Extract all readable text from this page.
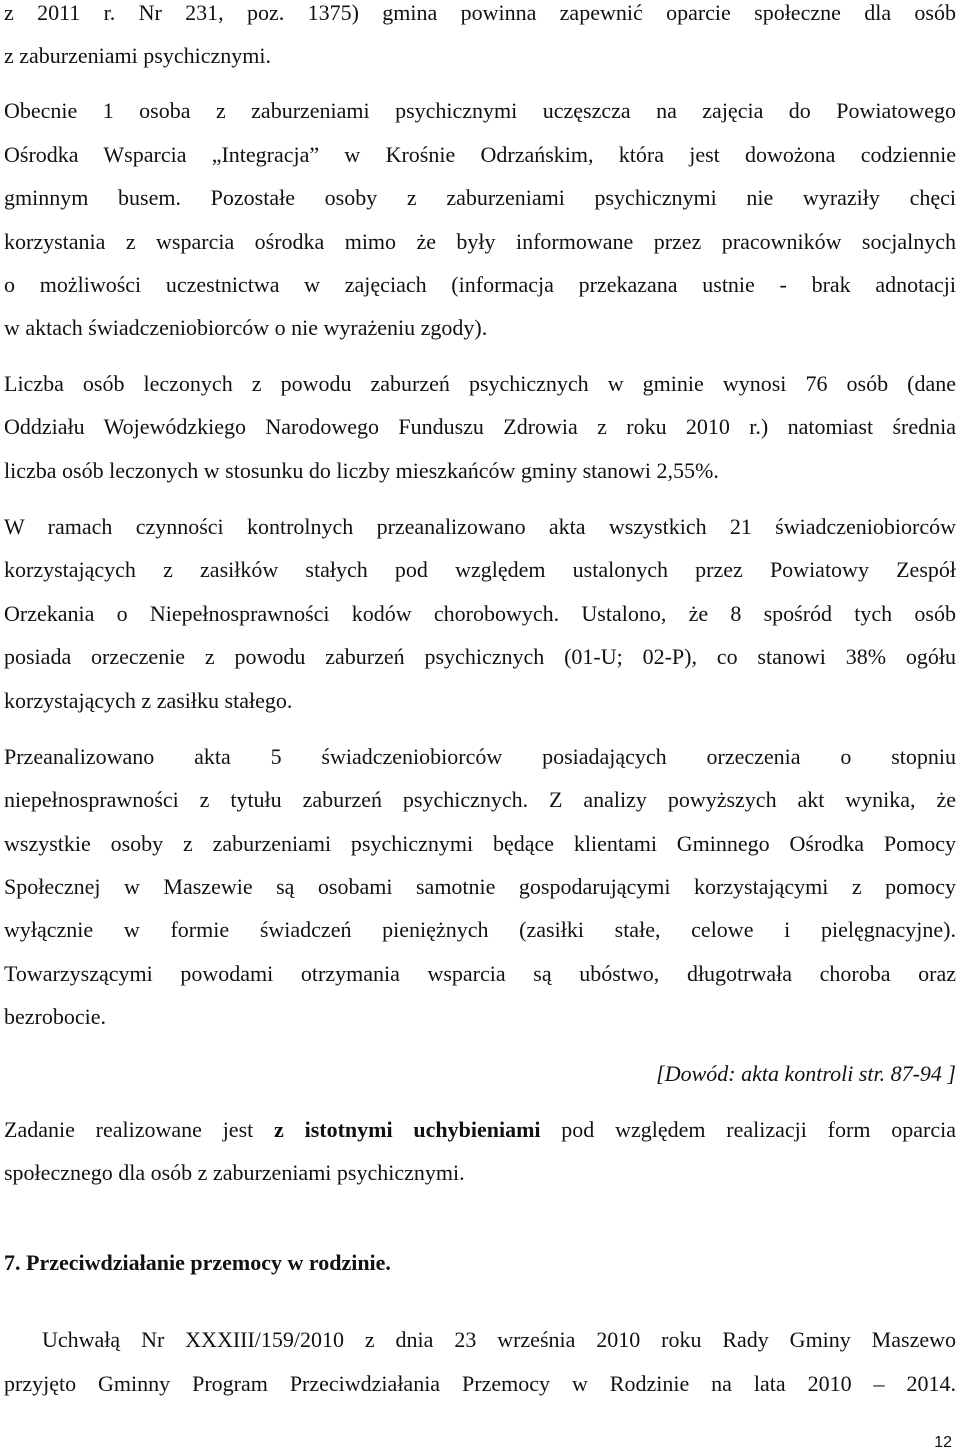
z 2011 r. Nr 231, poz. 1375) gmina powinna zapewnić oparcie społeczne dla osób
z zaburzeniami psychicznymi.
Obecnie 1 osoba z zaburzeniami psychicznymi uczęszcza na zajęcia do Powiatowego
Ośrodka Wsparcia „Integracja” w Krośnie Odrzańskim, która jest dowożona codziennie
gminnym busem. Pozostałe osoby z zaburzeniami psychicznymi nie wyraziły chęci
korzystania z wsparcia ośrodka mimo że były informowane przez pracowników socjalnych
o możliwości uczestnictwa w zajęciach (informacja przekazana ustnie - brak adnotacji
w aktach świadczeniobiorców o nie wyrażeniu zgody).
Liczba osób leczonych z powodu zaburzeń psychicznych w gminie wynosi 76 osób (dane
Oddziału Wojewódzkiego Narodowego Funduszu Zdrowia z roku 2010 r.) natomiast średnia
liczba osób leczonych w stosunku do liczby mieszkańców gminy stanowi 2,55%.
W ramach czynności kontrolnych przeanalizowano akta wszystkich 21 świadczeniobiorców
korzystających z zasiłków stałych pod względem ustalonych przez Powiatowy Zespół
Orzekania o Niepełnosprawności kodów chorobowych. Ustalono, że 8 spośród tych osób
posiada orzeczenie z powodu zaburzeń psychicznych (01-U; 02-P), co stanowi 38% ogółu
korzystających z zasiłku stałego.
Przeanalizowano akta 5 świadczeniobiorców posiadających orzeczenia o stopniu
niepełnosprawności z tytułu zaburzeń psychicznych. Z analizy powyższych akt wynika, że
wszystkie osoby z zaburzeniami psychicznymi będące klientami Gminnego Ośrodka Pomocy
Społecznej w Maszewie są osobami samotnie gospodarującymi korzystającymi z pomocy
wyłącznie w formie świadczeń pieniężnych (zasiłki stałe, celowe i pielęgnacyjne).
Towarzyszącymi powodami otrzymania wsparcia są ubóstwo, długotrwała choroba oraz
bezrobocie.
[Dowód: akta kontroli str. 87-94 ]
Zadanie realizowane jest z istotnymi uchybieniami pod względem realizacji form oparcia
społecznego dla osób z zaburzeniami psychicznymi.
7. Przeciwdziałanie przemocy w rodzinie.
Uchwałą Nr XXXIII/159/2010 z dnia 23 września 2010 roku Rady Gminy Maszewo
przyjęto Gminny Program Przeciwdziałania Przemocy w Rodzinie na lata 2010 – 2014.
12
